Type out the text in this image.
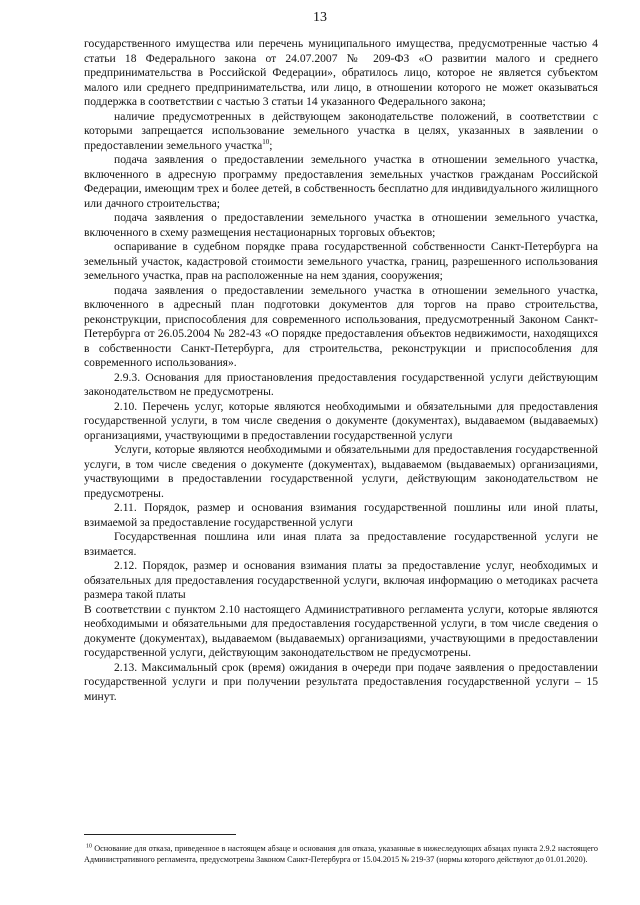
13

государственного имущества или перечень муниципального имущества, предусмотренные частью 4 статьи 18 Федерального закона от 24.07.2007 № 209-ФЗ «О развитии малого и среднего предпринимательства в Российской Федерации», обратилось лицо, которое не является субъектом малого или среднего предпринимательства, или лицо, в отношении которого не может оказываться поддержка в соответствии с частью 3 статьи 14 указанного Федерального закона;

наличие предусмотренных в действующем законодательстве положений, в соответствии с которыми запрещается использование земельного участка в целях, указанных в заявлении о предоставлении земельного участка$^{10}$;

подача заявления о предоставлении земельного участка в отношении земельного участка, включенного в адресную программу предоставления земельных участков гражданам Российской Федерации, имеющим трех и более детей, в собственность бесплатно для индивидуального жилищного или дачного строительства;

подача заявления о предоставлении земельного участка в отношении земельного участка, включенного в схему размещения нестационарных торговых объектов;

оспаривание в судебном порядке права государственной собственности Санкт-Петербурга на земельный участок, кадастровой стоимости земельного участка, границ, разрешенного использования земельного участка, прав на расположенные на нем здания, сооружения;

подача заявления о предоставлении земельного участка в отношении земельного участка, включенного в адресный план подготовки документов для торгов на право строительства, реконструкции, приспособления для современного использования, предусмотренный Законом Санкт-Петербурга от 26.05.2004 № 282-43 «О порядке предоставления объектов недвижимости, находящихся в собственности Санкт-Петербурга, для строительства, реконструкции и приспособления для современного использования».

2.9.3. Основания для приостановления предоставления государственной услуги действующим законодательством не предусмотрены.

2.10. Перечень услуг, которые являются необходимыми и обязательными для предоставления государственной услуги, в том числе сведения о документе (документах), выдаваемом (выдаваемых) организациями, участвующими в предоставлении государственной услуги

Услуги, которые являются необходимыми и обязательными для предоставления государственной услуги, в том числе сведения о документе (документах), выдаваемом (выдаваемых) организациями, участвующими в предоставлении государственной услуги, действующим законодательством не предусмотрены.

2.11. Порядок, размер и основания взимания государственной пошлины или иной платы, взимаемой за предоставление государственной услуги

Государственная пошлина или иная плата за предоставление государственной услуги не взимается.

2.12. Порядок, размер и основания взимания платы за предоставление услуг, необходимых и обязательных для предоставления государственной услуги, включая информацию о методиках расчета размера такой платы

В соответствии с пунктом 2.10 настоящего Административного регламента услуги, которые являются необходимыми и обязательными для предоставления государственной услуги, в том числе сведения о документе (документах), выдаваемом (выдаваемых) организациями, участвующими в предоставлении государственной услуги, действующим законодательством не предусмотрены.

2.13. Максимальный срок (время) ожидания в очереди при подаче заявления о предоставлении государственной услуги и при получении результата предоставления государственной услуги – 15 минут.

$^{10}$ Основание для отказа, приведенное в настоящем абзаце и основания для отказа, указанные в нижеследующих абзацах пункта 2.9.2 настоящего Административного регламента, предусмотрены Законом Санкт-Петербурга от 15.04.2015 № 219-37 (нормы которого действуют до 01.01.2020).
